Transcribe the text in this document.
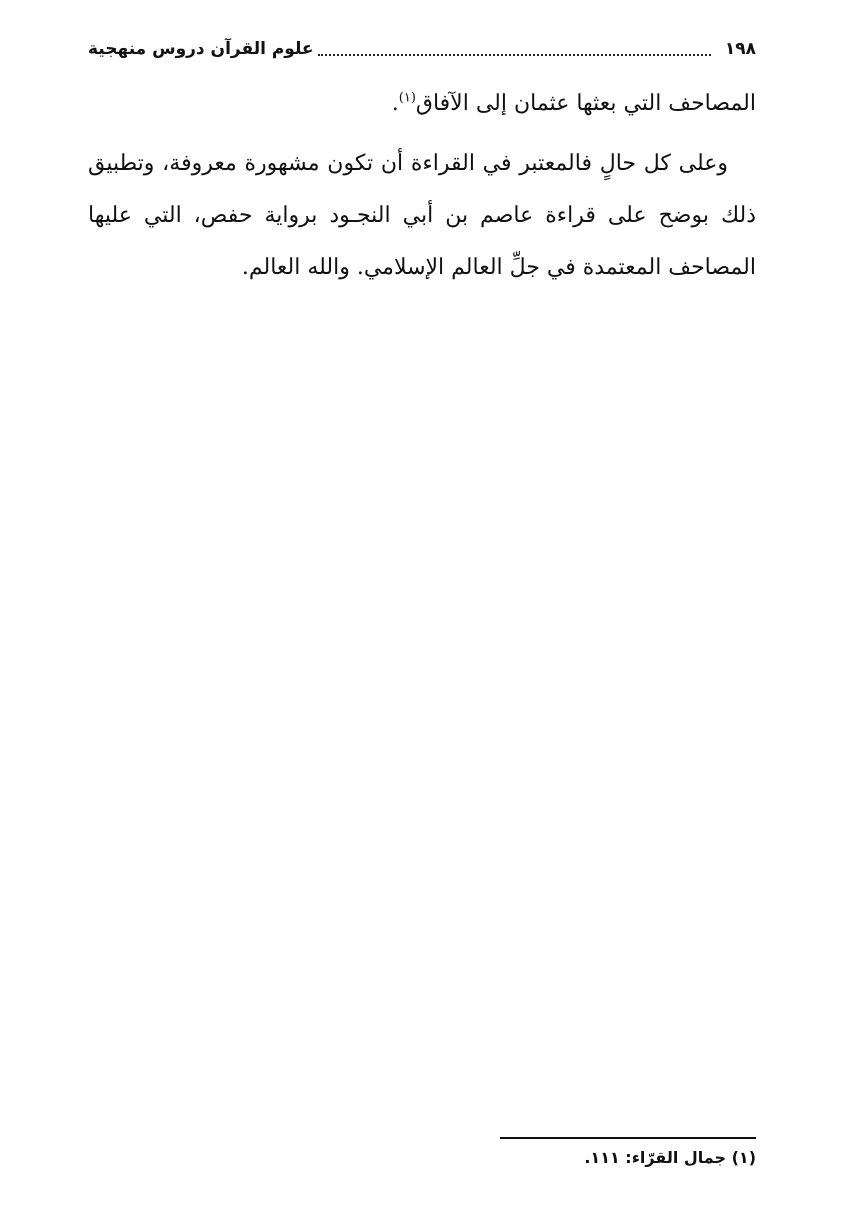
١٩٨
علوم القرآن دروس منهجية

المصاحف التي بعثها عثمان إلى الآفاق$^{(١)}$.

وعلى كل حالٍ فالمعتبر في القراءة أن تكون مشهورة معروفة، وتطبيق ذلك بوضح على قراءة عاصم بن أبي النجـود برواية حفص، التي عليها المصاحف المعتمدة في جلِّ العالم الإسلامي. والله العالم.

(١) جمال القرّاء: ١١١.
